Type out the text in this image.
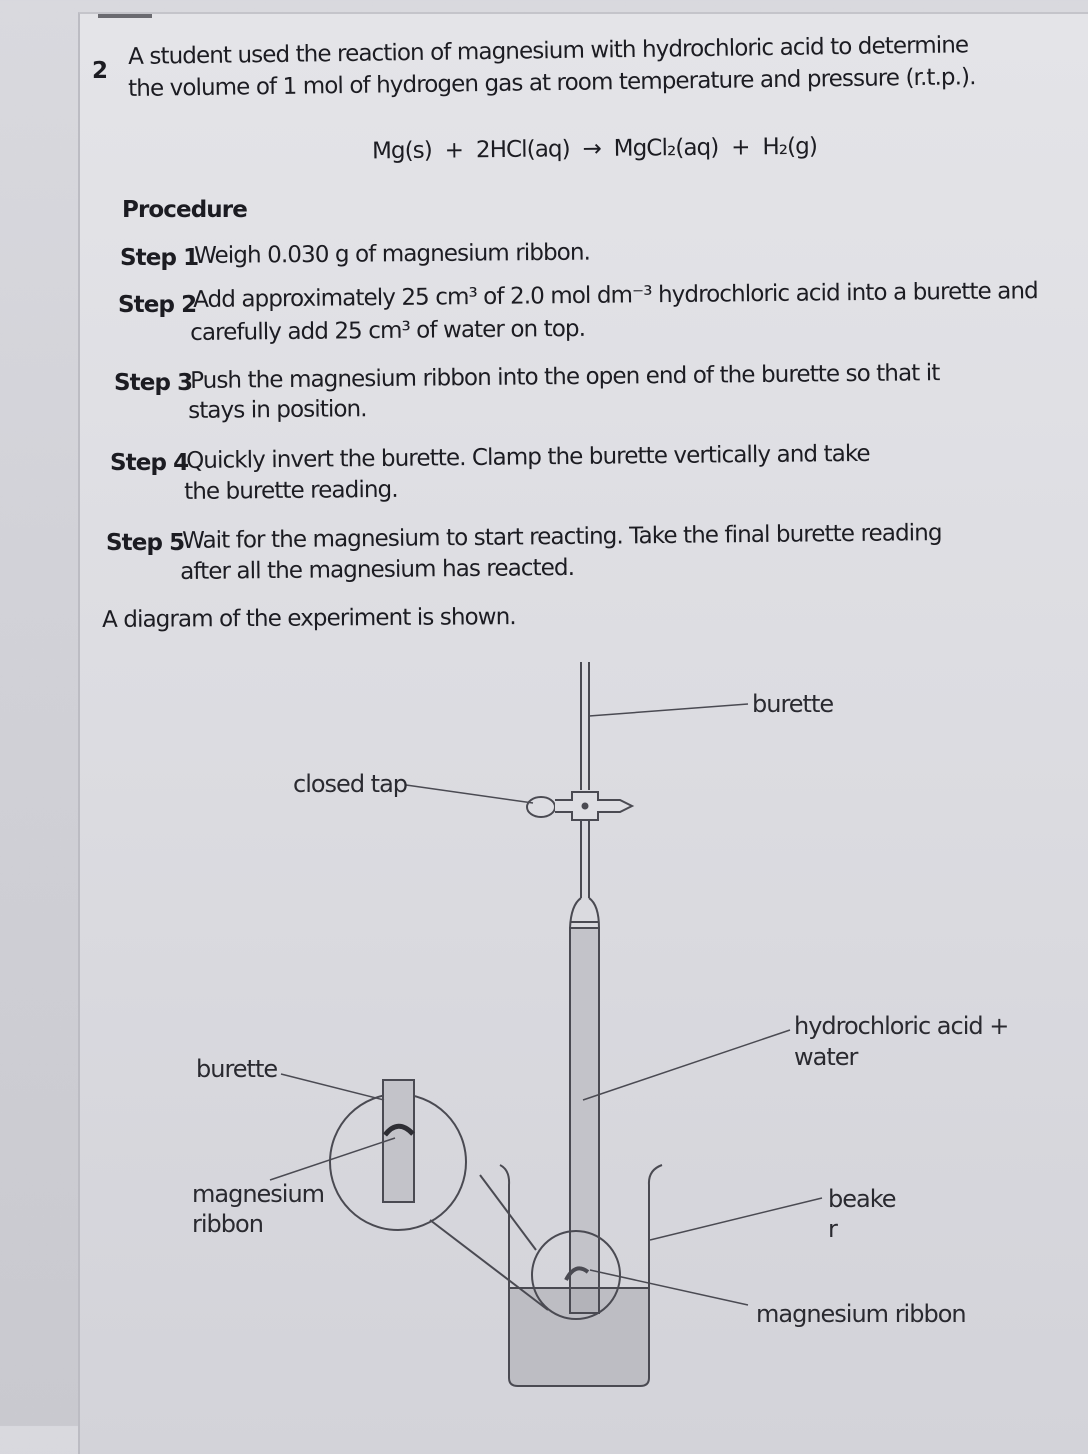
2
A student used the reaction of magnesium with hydrochloric acid to determine
the volume of 1 mol of hydrogen gas at room temperature and pressure (r.t.p.).
Mg(s)  +  2HCl(aq)  →  MgCl₂(aq)  +  H₂(g)
Procedure
Step 1
Weigh 0.030 g of magnesium ribbon.
Step 2
Add approximately 25 cm³ of 2.0 mol dm⁻³ hydrochloric acid into a burette and
carefully add 25 cm³ of water on top.
Step 3
Push the magnesium ribbon into the open end of the burette so that it
stays in position.
Step 4
Quickly invert the burette. Clamp the burette vertically and take
the burette reading.
Step 5
Wait for the magnesium to start reacting. Take the final burette reading
after all the magnesium has reacted.
A diagram of the experiment is shown.
burette
closed tap
hydrochloric acid +
water
burette
magnesium
ribbon
beake
r
magnesium ribbon
